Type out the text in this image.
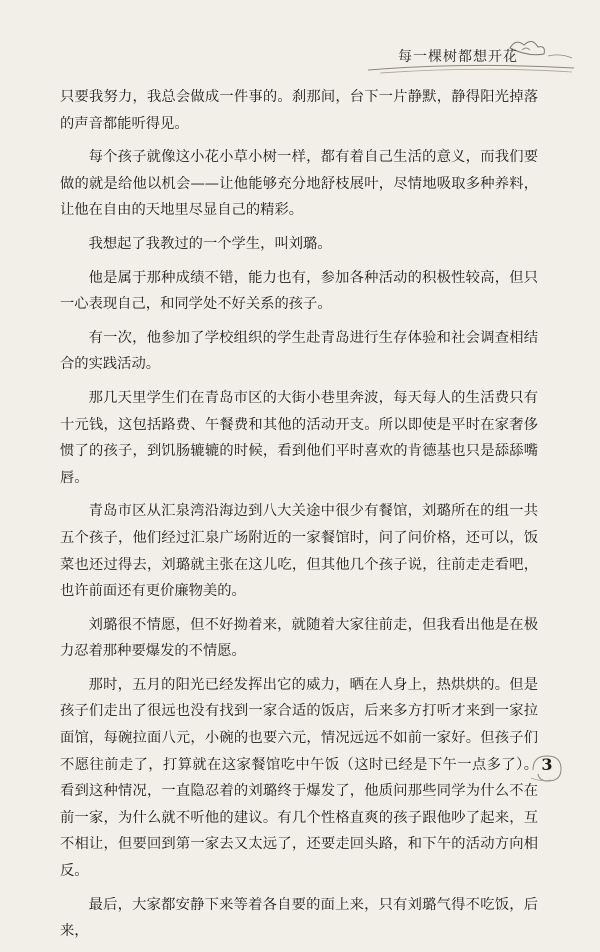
每一棵树都想开花

只要我努力，我总会做成一件事的。刹那间，台下一片静默，静得阳光掉落的声音都能听得见。

每个孩子就像这小花小草小树一样，都有着自己生活的意义，而我们要做的就是给他以机会——让他能够充分地舒枝展叶，尽情地吸取多种养料，让他在自由的天地里尽显自己的精彩。

我想起了我教过的一个学生，叫刘璐。

他是属于那种成绩不错，能力也有，参加各种活动的积极性较高，但只一心表现自己，和同学处不好关系的孩子。

有一次，他参加了学校组织的学生赴青岛进行生存体验和社会调查相结合的实践活动。

那几天里学生们在青岛市区的大街小巷里奔波，每天每人的生活费只有十元钱，这包括路费、午餐费和其他的活动开支。所以即使是平时在家奢侈惯了的孩子，到饥肠辘辘的时候，看到他们平时喜欢的肯德基也只是舔舔嘴唇。

青岛市区从汇泉湾沿海边到八大关途中很少有餐馆，刘璐所在的组一共五个孩子，他们经过汇泉广场附近的一家餐馆时，问了问价格，还可以，饭菜也还过得去，刘璐就主张在这儿吃，但其他几个孩子说，往前走走看吧，也许前面还有更价廉物美的。

刘璐很不情愿，但不好拗着来，就随着大家往前走，但我看出他是在极力忍着那种要爆发的不情愿。

那时，五月的阳光已经发挥出它的威力，晒在人身上，热烘烘的。但是孩子们走出了很远也没有找到一家合适的饭店，后来多方打听才来到一家拉面馆，每碗拉面八元，小碗的也要六元，情况远远不如前一家好。但孩子们不愿往前走了，打算就在这家餐馆吃中午饭（这时已经是下午一点多了）。看到这种情况，一直隐忍着的刘璐终于爆发了，他质问那些同学为什么不在前一家，为什么就不听他的建议。有几个性格直爽的孩子跟他吵了起来，互不相让，但要回到第一家去又太远了，还要走回头路，和下午的活动方向相反。

最后，大家都安静下来等着各自要的面上来，只有刘璐气得不吃饭，后来，

3
